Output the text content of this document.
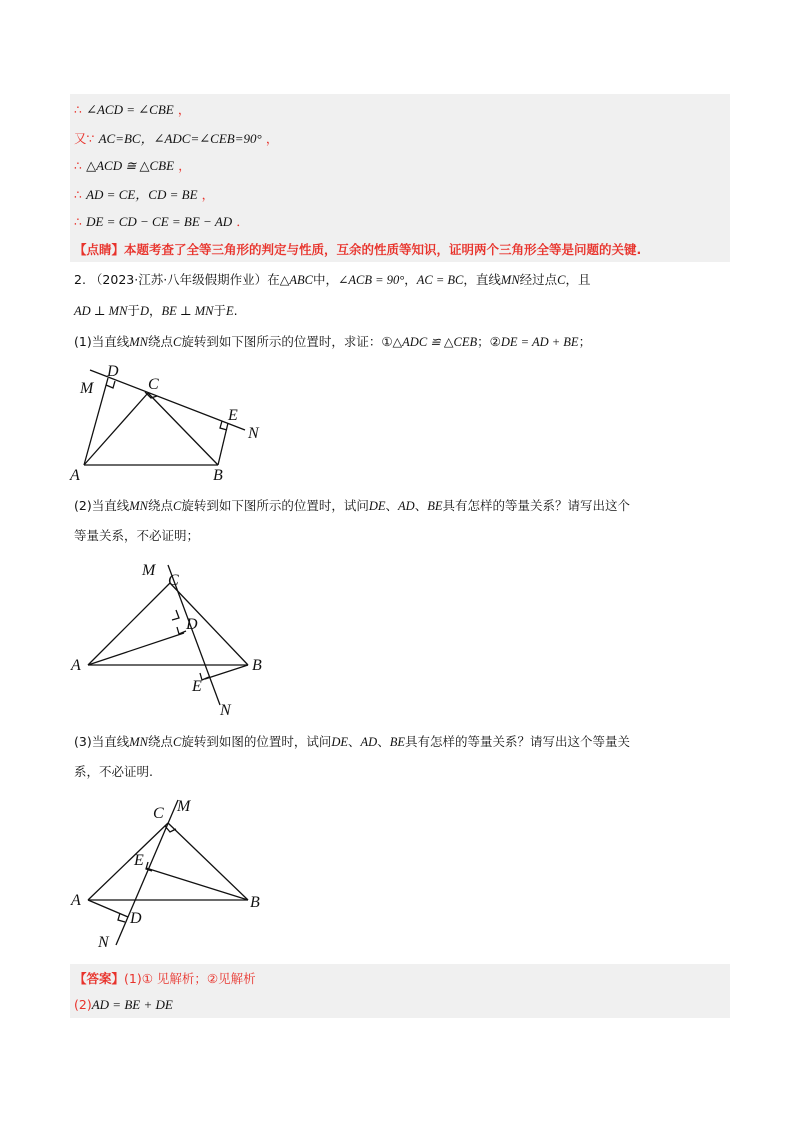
∴ ∠ACD = ∠CBE ，
又∵ AC=BC，∠ADC=∠CEB=90° ，
∴ △ACD ≅ △CBE ，
∴ AD = CE，CD = BE ，
∴ DE = CD − CE = BE − AD ．
【点睛】本题考查了全等三角形的判定与性质，互余的性质等知识，证明两个三角形全等是问题的关键.
2. （2023·江苏·八年级假期作业）在△ABC中，∠ACB = 90°，AC = BC，直线MN经过点C，且
AD ⊥ MN于D，BE ⊥ MN于E.
(1)当直线MN绕点C旋转到如下图所示的位置时，求证：①△ADC ≌ △CEB；②DE = AD + BE；
M
D
C
E
N
A	B
(2)当直线MN绕点C旋转到如下图所示的位置时，试问DE、AD、BE具有怎样的等量关系？请写出这个
等量关系，不必证明；
M
C
D
A	B
E
N
(3)当直线MN绕点C旋转到如图的位置时，试问DE、AD、BE具有怎样的等量关系？请写出这个等量关
系，不必证明.
C M
E
A	B
D
N
【答案】(1)① 见解析；②见解析
(2)AD = BE + DE
